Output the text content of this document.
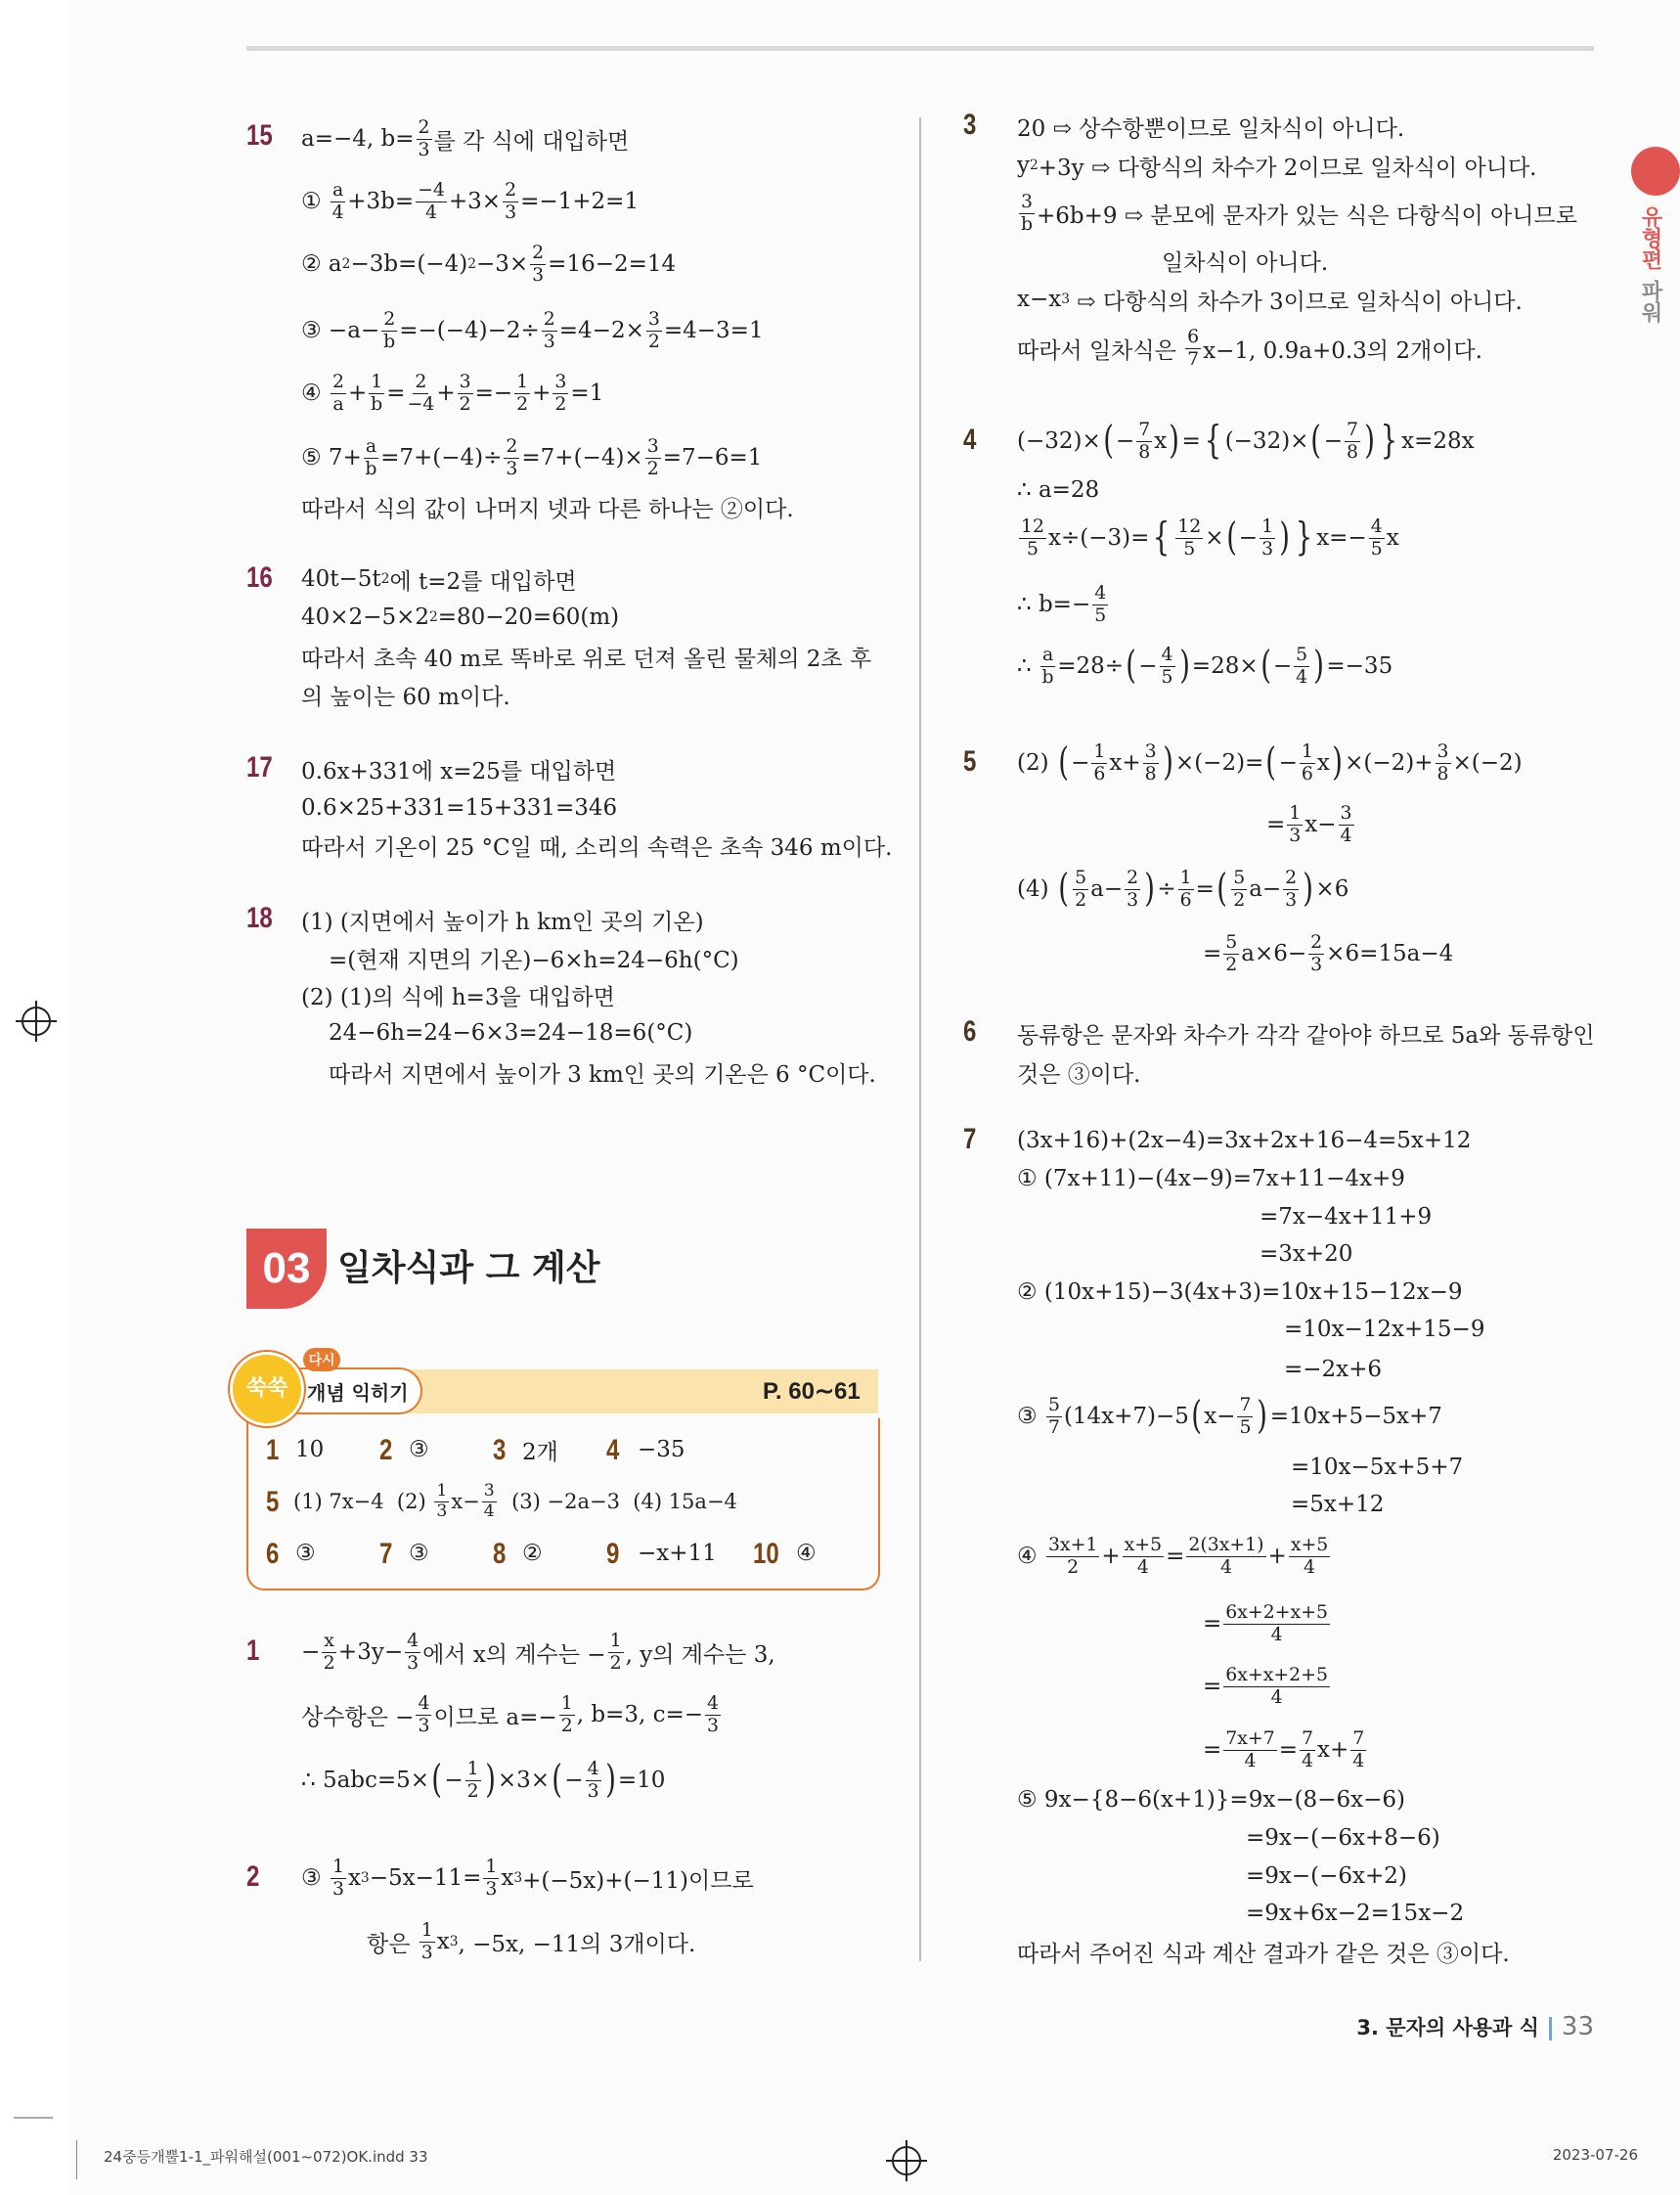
유형편파워
15 a=−4, $b= \frac{2}{3}$ 를 각 식에 대입하면
① $\frac{a}{4} +3b= \frac{-4}{4} +3\times \frac{2}{3} =-1+2=1$
② a 2 −3b=(−4) $2 -3\times \frac{2}{3} =16-2=14$
③ $-a- \frac{2}{b} =-(-4)-2\div \frac{2}{3} =4-2\times \frac{3}{2} =4-3=1$
④ $\frac{2}{a} + \frac{1}{b} = \frac{2}{-4} + \frac{3}{2} =- \frac{1}{2} + \frac{3}{2} =1$
⑤ $7+ \frac{a}{b} =7+(-4)\div \frac{2}{3} =7+(-4)\times \frac{3}{2} =7-6=1$
따라서 식의 값이 나머지 넷과 다른 하나는 ②이다.
16 40t−5t 2 에 t=2를 대입하면
40×2−5×2 2 =80−20=60(m)
따라서 초속 40 m로 똑바로 위로 던져 올린 물체의 2초 후
의 높이는 60 m이다.
17 0.6x+331에 x=25를 대입하면
0.6×25+331=15+331=346
따라서 기온이 25 °C일 때, 소리의 속력은 초속 346 m이다.
18 (1) (지면에서 높이가 h km인 곳의 기온)
=(현재 지면의 기온)−6×h=24−6h(°C)
(2) (1)의 식에 h=3을 대입하면
24−6h=24−6×3=24−18=6(°C)
따라서 지면에서 높이가 3 km인 곳의 기온은 6 °C이다.
03 일차식과 그 계산
개념 익히기
쑥쑥
다시
P. 60∼61
1 10 2 ③ 3 2개 4 −35
5 (1) 7x−4  $(2) \frac{1}{3} x- \frac{3}{4} (3) -2a-3$  (4) 15a−4
6 ③ 7 ③ 8 ② 9 −x+11 10 ④
$1 - \frac{x}{2} +3y- \frac{4}{3}$ 에서 x의 계수는 − $\frac{1}{2}$ , y의 계수는 3,
상수항은 − $\frac{4}{3}$ 이므로 $a=- \frac{1}{2}$ , b=3, $c=- \frac{4}{3}$
∴ 5abc=5× ( − $\frac{1}{2}$ ) ×3× ( − $\frac{4}{3}$ ) =10
2 ③ $\frac{1}{3}$ x $3 -5x-11= \frac{1}{3}$ x 3 +(−5x)+(−11)이므로
항은 $\frac{1}{3}$ x 3 , −5x, −11의 3개이다.
3 20 ⇨ 상수항뿐이므로 일차식이 아니다.
y 2 +3y ⇨ 다항식의 차수가 2이므로 일차식이 아니다.
$\frac{3}{b} +6b+9$ ⇨ 분모에 문자가 있는 식은 다항식이 아니므로
일차식이 아니다.
x−x 3 ⇨ 다항식의 차수가 3이므로 일차식이 아니다.
따라서 일차식은 $\frac{6}{7} x-1$, 0.9a+0.3의 2개이다.
4 (−32)× ( − $\frac{7}{8}$ x ) = { (−32)× ( − $\frac{7}{8}$ ) } x=28x
∴ a=28
$\frac{12}{5} x\div(-3)=$ { $\frac{12}{5}$ × ( − $\frac{1}{3}$ ) } $x=- \frac{4}{5}$ x
∴ $b=- \frac{4}{5}$
∴ $\frac{a}{b} =28\div$ ( − $\frac{4}{5}$ ) =28× ( − $\frac{5}{4}$ ) =−35
5 (2) ( − $\frac{1}{6} x+ \frac{3}{8}$ ) ×(−2)= ( − $\frac{1}{6}$ x ) $\times(-2)+ \frac{3}{8} \times(-2)$
= $\frac{1}{3} x- \frac{3}{4}$
(4) ( $\frac{5}{2} a- \frac{2}{3}$ ) ÷ $\frac{1}{6}$ = ( $\frac{5}{2} a- \frac{2}{3}$ ) ×6
= $\frac{5}{2} a\times 6- \frac{2}{3} \times 6=15a-4$
6 동류항은 문자와 차수가 각각 같아야 하므로 5a와 동류항인
것은 ③이다.
7 (3x+16)+(2x−4)=3x+2x+16−4=5x+12
① (7x+11)−(4x−9)=7x+11−4x+9
=7x−4x+11+9
=3x+20
② (10x+15)−3(4x+3)=10x+15−12x−9
=10x−12x+15−9
=−2x+6
③ $\frac{5}{7} (14x+7)-5$ ( $x- \frac{7}{5}$ ) =10x+5−5x+7
=10x−5x+5+7
=5x+12
④ $\frac{3x+1}{2} + \frac{x+5}{4} = \frac{2(3x+1)}{4} + \frac{x+5}{4}$
= $\frac{6x+2+x+5}{4}$
= $\frac{6x+x+2+5}{4}$
= $\frac{7x+7}{4} = \frac{7}{4} x+ \frac{7}{4}$
⑤ 9x−{8−6(x+1)}=9x−(8−6x−6)
=9x−(−6x+8−6)
=9x−(−6x+2)
=9x+6x−2=15x−2
따라서 주어진 식과 계산 결과가 같은 것은 ③이다.
3. 문자의 사용과 식 33
24중등개뿔1-1_파워해설(001~072)OK.indd 33	2023-07-26
